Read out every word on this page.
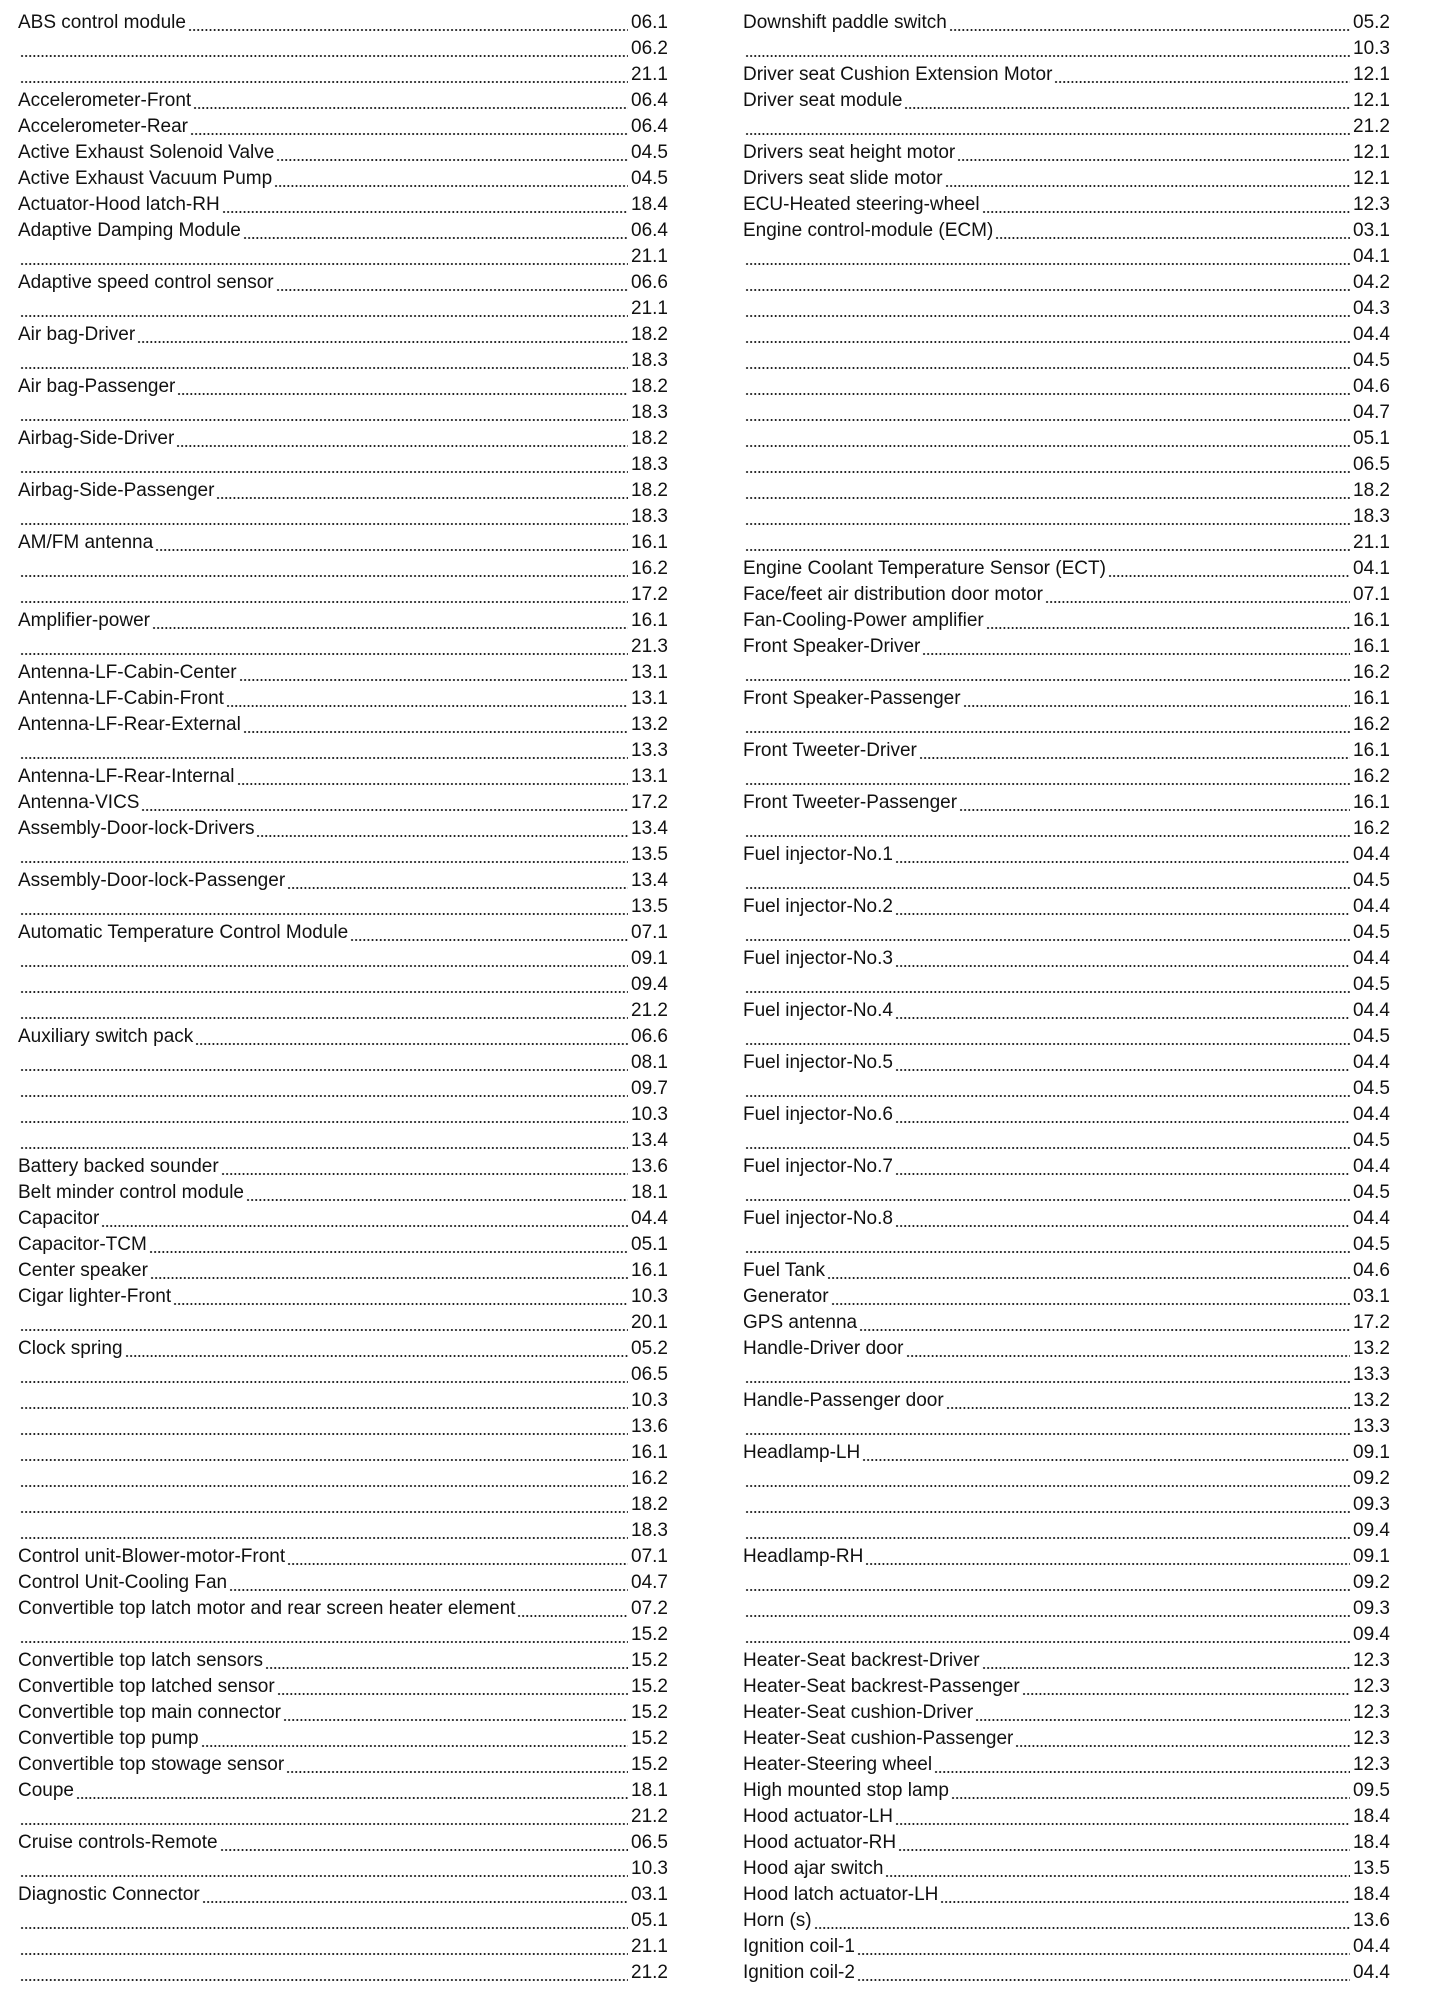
ABS control module	06.1
06.2
21.1
Accelerometer-Front	06.4
Accelerometer-Rear	06.4
Active Exhaust Solenoid Valve	04.5
Active Exhaust Vacuum Pump	04.5
Actuator-Hood latch-RH	18.4
Adaptive Damping Module	06.4
21.1
Adaptive speed control sensor	06.6
21.1
Air bag-Driver	18.2
18.3
Air bag-Passenger	18.2
18.3
Airbag-Side-Driver	18.2
18.3
Airbag-Side-Passenger	18.2
18.3
AM/FM antenna	16.1
16.2
17.2
Amplifier-power	16.1
21.3
Antenna-LF-Cabin-Center	13.1
Antenna-LF-Cabin-Front	13.1
Antenna-LF-Rear-External	13.2
13.3
Antenna-LF-Rear-Internal	13.1
Antenna-VICS	17.2
Assembly-Door-lock-Drivers	13.4
13.5
Assembly-Door-lock-Passenger	13.4
13.5
Automatic Temperature Control Module	07.1
09.1
09.4
21.2
Auxiliary switch pack	06.6
08.1
09.7
10.3
13.4
Battery backed sounder	13.6
Belt minder control module	18.1
Capacitor	04.4
Capacitor-TCM	05.1
Center speaker	16.1
Cigar lighter-Front	10.3
20.1
Clock spring	05.2
06.5
10.3
13.6
16.1
16.2
18.2
18.3
Control unit-Blower-motor-Front	07.1
Control Unit-Cooling Fan	04.7
Convertible top latch motor and rear screen heater element	07.2
15.2
Convertible top latch sensors	15.2
Convertible top latched sensor	15.2
Convertible top main connector	15.2
Convertible top pump	15.2
Convertible top stowage sensor	15.2
Coupe	18.1
21.2
Cruise controls-Remote	06.5
10.3
Diagnostic Connector	03.1
05.1
21.1
21.2
Downshift paddle switch	05.2
10.3
Driver seat Cushion Extension Motor	12.1
Driver seat module	12.1
21.2
Drivers seat height motor	12.1
Drivers seat slide motor	12.1
ECU-Heated steering-wheel	12.3
Engine control-module (ECM)	03.1
04.1
04.2
04.3
04.4
04.5
04.6
04.7
05.1
06.5
18.2
18.3
21.1
Engine Coolant Temperature Sensor (ECT)	04.1
Face/feet air distribution door motor	07.1
Fan-Cooling-Power amplifier	16.1
Front Speaker-Driver	16.1
16.2
Front Speaker-Passenger	16.1
16.2
Front Tweeter-Driver	16.1
16.2
Front Tweeter-Passenger	16.1
16.2
Fuel injector-No.1	04.4
04.5
Fuel injector-No.2	04.4
04.5
Fuel injector-No.3	04.4
04.5
Fuel injector-No.4	04.4
04.5
Fuel injector-No.5	04.4
04.5
Fuel injector-No.6	04.4
04.5
Fuel injector-No.7	04.4
04.5
Fuel injector-No.8	04.4
04.5
Fuel Tank	04.6
Generator	03.1
GPS antenna	17.2
Handle-Driver door	13.2
13.3
Handle-Passenger door	13.2
13.3
Headlamp-LH	09.1
09.2
09.3
09.4
Headlamp-RH	09.1
09.2
09.3
09.4
Heater-Seat backrest-Driver	12.3
Heater-Seat backrest-Passenger	12.3
Heater-Seat cushion-Driver	12.3
Heater-Seat cushion-Passenger	12.3
Heater-Steering wheel	12.3
High mounted stop lamp	09.5
Hood actuator-LH	18.4
Hood actuator-RH	18.4
Hood ajar switch	13.5
Hood latch actuator-LH	18.4
Horn (s)	13.6
Ignition coil-1	04.4
Ignition coil-2	04.4
